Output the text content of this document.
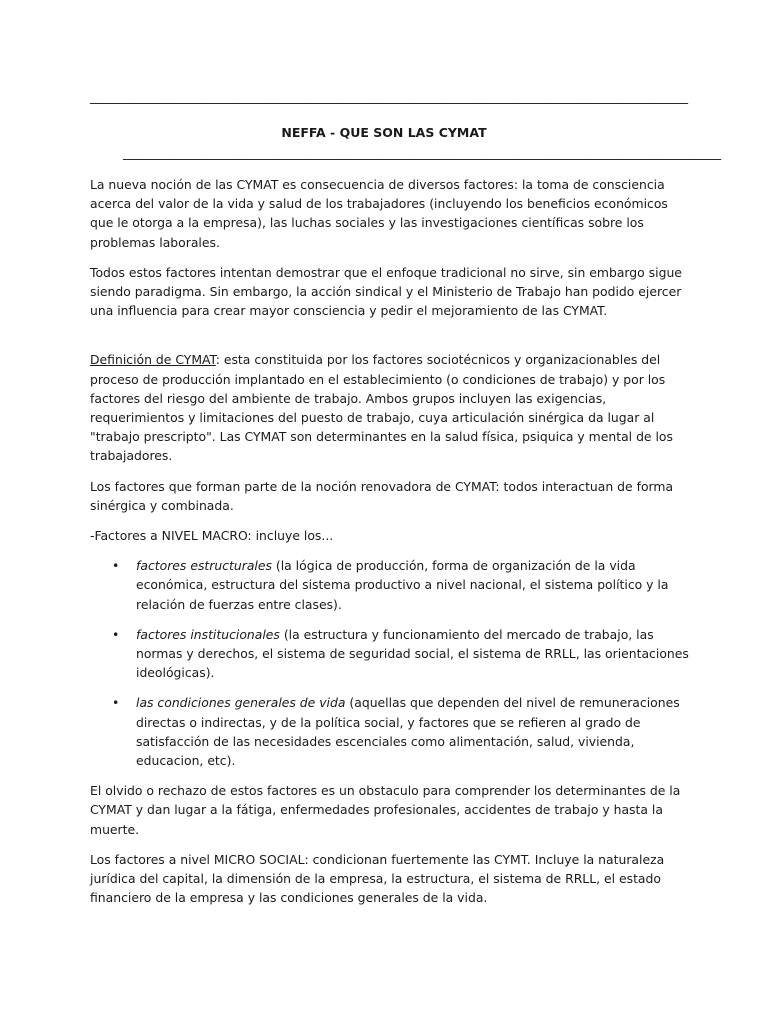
____________________________________________________________________________________________
NEFFA - QUE SON LAS CYMAT
____________________________________________________________________________________________

La nueva noción de las CYMAT es consecuencia de diversos factores: la toma de consciencia acerca del valor de la vida y salud de los trabajadores (incluyendo los beneficios económicos que le otorga a la empresa), las luchas sociales y las investigaciones científicas sobre los problemas laborales.

Todos estos factores intentan demostrar que el enfoque tradicional no sirve, sin embargo sigue siendo paradigma. Sin embargo, la acción sindical y el Ministerio de Trabajo han podido ejercer una influencia para crear mayor consciencia y pedir el mejoramiento de las CYMAT.

Definición de CYMAT: esta constituida por los factores sociotécnicos y organizacionables del proceso de producción implantado en el establecimiento (o condiciones de trabajo) y por los factores del riesgo del ambiente de trabajo. Ambos grupos incluyen las exigencias, requerimientos y limitaciones del puesto de trabajo, cuya articulación sinérgica da lugar al "trabajo prescripto". Las CYMAT son determinantes en la salud física, psiquica y mental de los trabajadores.

Los factores que forman parte de la noción renovadora de CYMAT: todos interactuan de forma sinérgica y combinada.

-Factores a NIVEL MACRO: incluye los...

• factores estructurales (la lógica de producción, forma de organización de la vida económica, estructura del sistema productivo a nivel nacional, el sistema político y la relación de fuerzas entre clases).
• factores institucionales (la estructura y funcionamiento del mercado de trabajo, las normas y derechos, el sistema de seguridad social, el sistema de RRLL, las orientaciones ideológicas).
• las condiciones generales de vida (aquellas que dependen del nivel de remuneraciones directas o indirectas, y de la política social, y factores que se refieren al grado de satisfacción de las necesidades escenciales como alimentación, salud, vivienda, educacion, etc).

El olvido o rechazo de estos factores es un obstaculo para comprender los determinantes de la CYMAT y dan lugar a la fátiga, enfermedades profesionales, accidentes de trabajo y hasta la muerte.

Los factores a nivel MICRO SOCIAL: condicionan fuertemente las CYMT. Incluye la naturaleza jurídica del capital, la dimensión de la empresa, la estructura, el sistema de RRLL, el estado financiero de la empresa y las condiciones generales de la vida.
